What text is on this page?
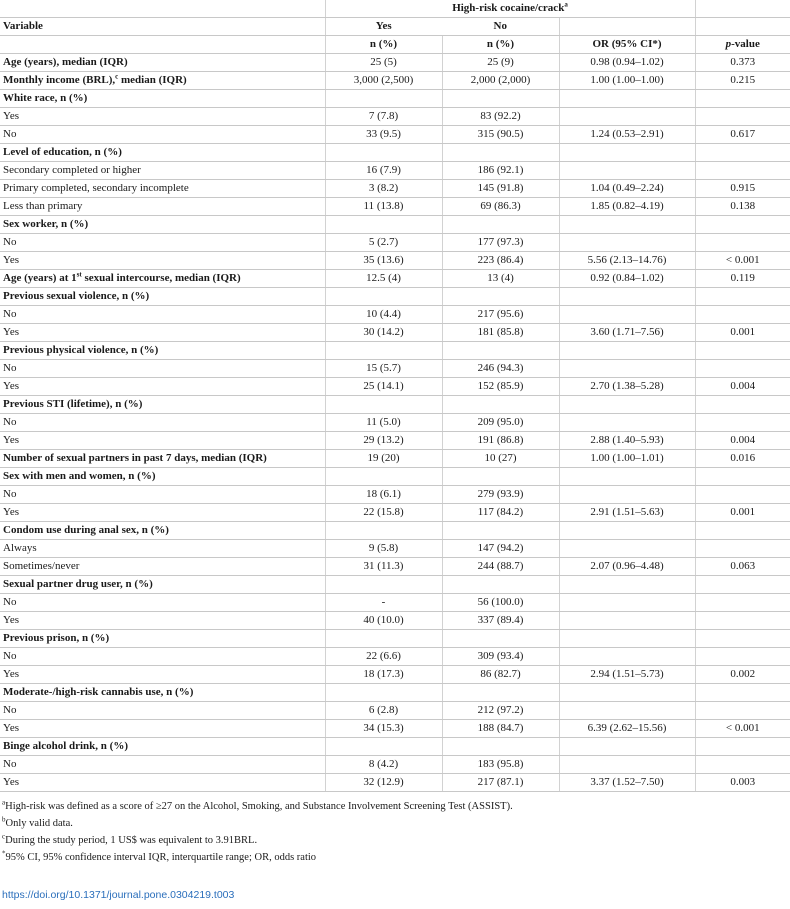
	High-risk cocaine/crack$^a$	
Variable	Yes	No		
	n (%)	n (%)	OR (95% CI*)	p-value
Age (years), median (IQR)	25 (5)	25 (9)	0.98 (0.94–1.02)	0.373
Monthly income (BRL),$^c$ median (IQR)	3,000 (2,500)	2,000 (2,000)	1.00 (1.00–1.00)	0.215
White race, n (%)				
Yes	7 (7.8)	83 (92.2)		
No	33 (9.5)	315 (90.5)	1.24 (0.53–2.91)	0.617
Level of education, n (%)				
Secondary completed or higher	16 (7.9)	186 (92.1)		
Primary completed, secondary incomplete	3 (8.2)	145 (91.8)	1.04 (0.49–2.24)	0.915
Less than primary	11 (13.8)	69 (86.3)	1.85 (0.82–4.19)	0.138
Sex worker, n (%)				
No	5 (2.7)	177 (97.3)		
Yes	35 (13.6)	223 (86.4)	5.56 (2.13–14.76)	< 0.001
Age (years) at 1st sexual intercourse, median (IQR)	12.5 (4)	13 (4)	0.92 (0.84–1.02)	0.119
Previous sexual violence, n (%)				
No	10 (4.4)	217 (95.6)		
Yes	30 (14.2)	181 (85.8)	3.60 (1.71–7.56)	0.001
Previous physical violence, n (%)				
No	15 (5.7)	246 (94.3)		
Yes	25 (14.1)	152 (85.9)	2.70 (1.38–5.28)	0.004
Previous STI (lifetime), n (%)				
No	11 (5.0)	209 (95.0)		
Yes	29 (13.2)	191 (86.8)	2.88 (1.40–5.93)	0.004
Number of sexual partners in past 7 days, median (IQR)	19 (20)	10 (27)	1.00 (1.00–1.01)	0.016
Sex with men and women, n (%)				
No	18 (6.1)	279 (93.9)		
Yes	22 (15.8)	117 (84.2)	2.91 (1.51–5.63)	0.001
Condom use during anal sex, n (%)				
Always	9 (5.8)	147 (94.2)		
Sometimes/never	31 (11.3)	244 (88.7)	2.07 (0.96–4.48)	0.063
Sexual partner drug user, n (%)				
No	-	56 (100.0)		
Yes	40 (10.0)	337 (89.4)		
Previous prison, n (%)				
No	22 (6.6)	309 (93.4)		
Yes	18 (17.3)	86 (82.7)	2.94 (1.51–5.73)	0.002
Moderate-/high-risk cannabis use, n (%)				
No	6 (2.8)	212 (97.2)		
Yes	34 (15.3)	188 (84.7)	6.39 (2.62–15.56)	< 0.001
Binge alcohol drink, n (%)				
No	8 (4.2)	183 (95.8)		
Yes	32 (12.9)	217 (87.1)	3.37 (1.52–7.50)	0.003
$^a$High-risk was defined as a score of ≥27 on the Alcohol, Smoking, and Substance Involvement Screening Test (ASSIST).
$^b$Only valid data.
$^c$During the study period, 1 US$ was equivalent to 3.91BRL.
*95% CI, 95% confidence interval IQR, interquartile range; OR, odds ratio
https://doi.org/10.1371/journal.pone.0304219.t003
